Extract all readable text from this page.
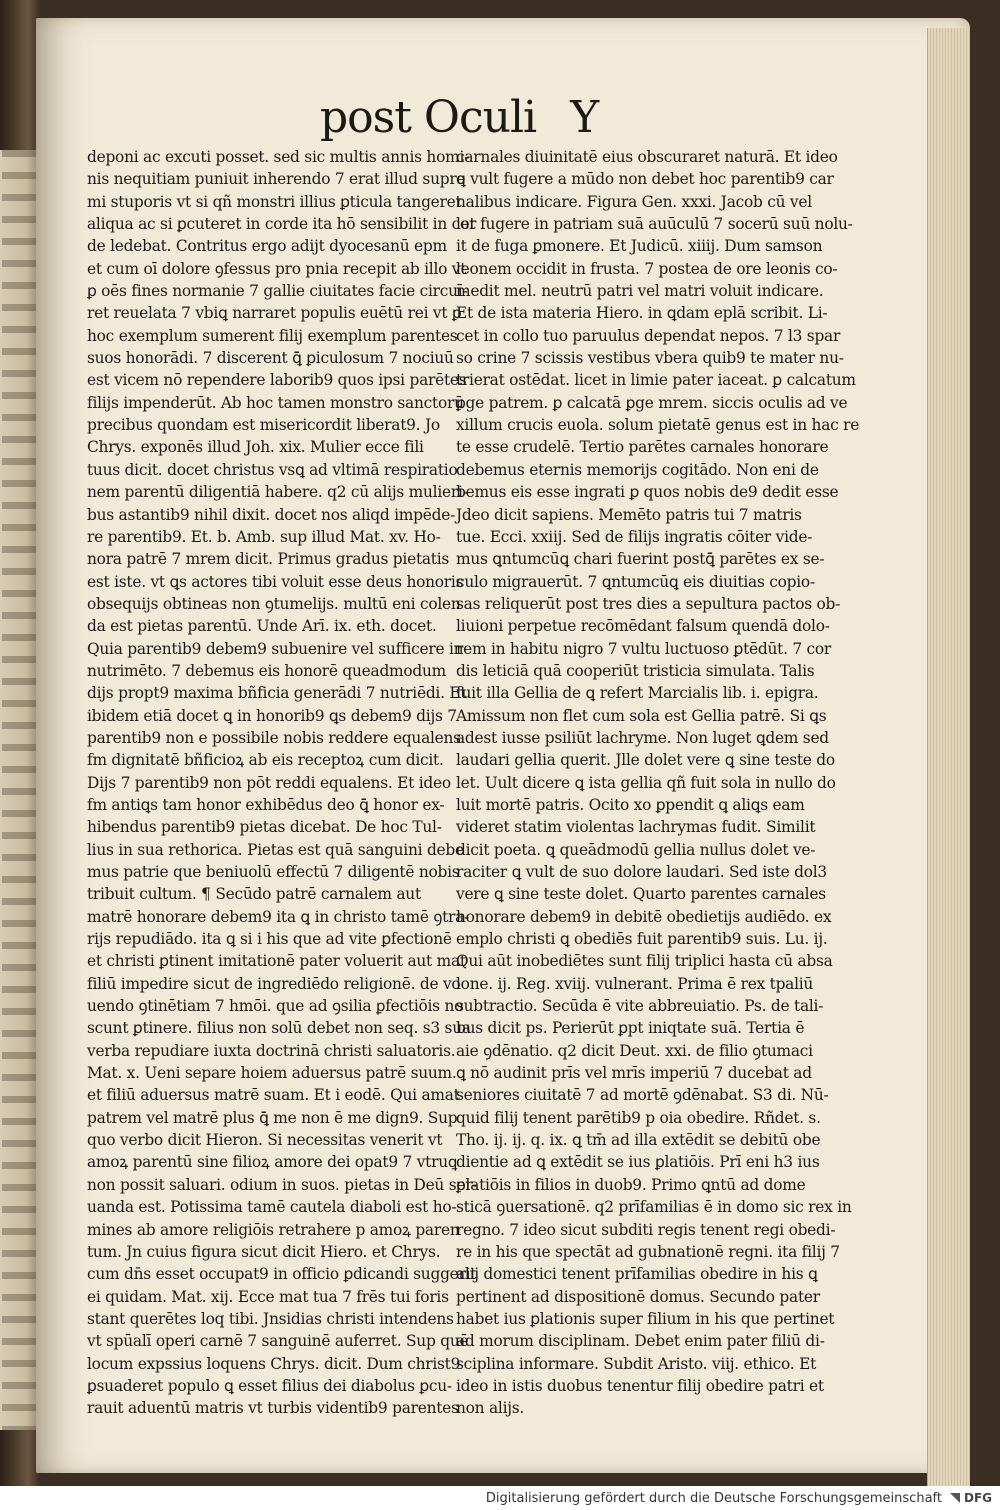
post Oculi Y
deponi ac excuti posset. sed sic multis annis homi-
nis nequitiam puniuit inherendo 7 erat illud supre
mi stuporis vt si qñ monstri illius ꝑticula tangeret
aliqua ac si ꝑcuteret in corde ita hō sensibilit in cor
de ledebat. Contritus ergo adijt dyocesanū epm
et cum oī dolore ꝯfessus pro pnia recepit ab illo vt
ꝑ oēs fines normanie 7 gallie ciuitates facie circuī-
ret reuelata 7 vbiꝗ narraret populis euētū rei vt ꝑ
hoc exemplum sumerent filij exemplum parentes
suos honorādi. 7 discerent ꝗ̄ ꝑiculosum 7 nociuū
est vicem nō rependere laborib9 quos ipsi parētes
filijs impenderūt. Ab hoc tamen monstro sanctorū
precibus quondam est misericordit liberat9. Jo
Chrys. exponēs illud Joh. xix. Mulier ecce fili
tuus dicit. docet christus vsꝗ ad vltimā respiratio
nem parentū diligentiā habere. q2 cū alijs mulieri-
bus astantib9 nihil dixit. docet nos aliqd impēde-
re parentib9. Et. b. Amb. sup illud Mat. xv. Ho-
nora patrē 7 mrem dicit. Primus gradus pietatis
est iste. vt ꝗs actores tibi voluit esse deus honoris
obsequijs obtineas non ꝯtumelijs. multū eni colen
da est pietas parentū. Unde Arī. ix. eth. docet.
Quia parentib9 debem9 subuenire vel sufficere in
nutrimēto. 7 debemus eis honorē queadmodum
dijs propt9 maxima bñficia generādi 7 nutriēdi. Et
ibidem etiā docet ꝗ in honorib9 ꝗs debem9 dijs 7
parentib9 non e possibile nobis reddere equalens
fm dignitatē bñficioꝝ ab eis receptoꝝ cum dicit.
Dijs 7 parentib9 non pōt reddi equalens. Et ideo
fm antiꝗs tam honor exhibēdus deo ꝗ̄ honor ex-
hibendus parentib9 pietas dicebat. De hoc Tul-
lius in sua rethorica. Pietas est quā sanguini debe
mus patrie que beniuolū effectū 7 diligentē nobis
tribuit cultum. ¶ Secūdo patrē carnalem aut
matrē honorare debem9 ita ꝗ in christo tamē ꝯtra-
rijs repudiādo. ita ꝗ si i his que ad vite ꝑfectionē
et christi ꝑtinent imitationē pater voluerit aut mat
filiū impedire sicut de ingrediēdo religionē. de vo
uendo ꝯtinētiam 7 hmōi. que ad ꝯsilia ꝑfectiōis no
scunt ꝑtinere. filius non solū debet non seq. s3 sua
verba repudiare iuxta doctrinā christi saluatoris.
Mat. x. Ueni separe hoiem aduersus patrē suum.
et filiū aduersus matrē suam. Et i eodē. Qui amat
patrem vel matrē plus ꝗ̄ me non ē me dign9. Sup
quo verbo dicit Hieron. Si necessitas venerit vt
amoꝝ parentū sine filioꝝ amore dei opat9 7 vtruꝗ
non possit saluari. odium in suos. pietas in Deū ser-
uanda est. Potissima tamē cautela diaboli est ho-
mines ab amore religiōis retrahere p amoꝝ paren
tum. Jn cuius figura sicut dicit Hiero. et Chrys.
cum dn̄s esset occupat9 in officio ꝑdicandi suggerit
ei quidam. Mat. xij. Ecce mat tua 7 frēs tui foris
stant querētes loq tibi. Jnsidias christi intendens
vt spūalī operi carnē 7 sanguinē auferret. Sup quē
locum expssius loquens Chrys. dicit. Dum christ9
ꝑsuaderet populo ꝗ esset filius dei diabolus ꝑcu-
rauit aduentū matris vt turbis videntib9 parentes
carnales diuinitatē eius obscuraret naturā. Et ideo
ꝗ vult fugere a mūdo non debet hoc parentib9 car
nalibus indicare. Figura Gen. xxxi. Jacob cū vel
let fugere in patriam suā auūculū 7 socerū suū nolu-
it de fuga ꝑmonere. Et Judicū. xiiij. Dum samson
leonem occidit in frusta. 7 postea de ore leonis co-
medit mel. neutrū patri vel matri voluit indicare.
Et de ista materia Hiero. in ꝗdam eplā scribit. Li-
cet in collo tuo paruulus dependat nepos. 7 l3 spar
so crine 7 scissis vestibus vbera quib9 te mater nu-
trierat ostēdat. licet in limie pater iaceat. ꝑ calcatum
ꝑge patrem. ꝑ calcatā ꝑge mrem. siccis oculis ad ve
xillum crucis euola. solum pietatē genus est in hac re
te esse crudelē. Tertio parētes carnales honorare
debemus eternis memorijs cogitādo. Non eni de
bemus eis esse ingrati ꝑ quos nobis de9 dedit esse
Jdeo dicit sapiens. Memēto patris tui 7 matris
tue. Ecci. xxiij. Sed de filijs ingratis cōiter vide-
mus ꝗntumcūꝗ chari fuerint postꝗ̄ parētes ex se-
culo migrauerūt. 7 ꝗntumcūꝗ eis diuitias copio-
sas reliquerūt post tres dies a sepultura pactos ob-
liuioni perpetue recōmēdant falsum quendā dolo-
rem in habitu nigro 7 vultu luctuoso ꝑtēdūt. 7 cor
dis leticiā quā cooperiūt tristicia simulata. Talis
fuit illa Gellia de ꝗ refert Marcialis lib. i. epigra.
Amissum non flet cum sola est Gellia patrē. Si ꝗs
adest iusse psiliūt lachryme. Non luget ꝗdem sed
laudari gellia querit. Jlle dolet vere ꝗ sine teste do
let. Uult dicere ꝗ ista gellia qñ fuit sola in nullo do
luit mortē patris. Ocito xo ꝑpendit ꝗ aliꝗs eam
videret statim violentas lachrymas fudit. Similit
dicit poeta. ꝗ queādmodū gellia nullus dolet ve-
raciter ꝗ vult de suo dolore laudari. Sed iste dol3
vere ꝗ sine teste dolet. Quarto parentes carnales
honorare debem9 in debitē obedietijs audiēdo. ex
emplo christi ꝗ obediēs fuit parentib9 suis. Lu. ij.
Qui aūt inobediētes sunt filij triplici hasta cū absa
lone. ij. Reg. xviij. vulnerant. Prima ē rex tpaliū
subtractio. Secūda ē vite abbreuiatio. Ps. de tali-
bus dicit ps. Perierūt ꝑpt iniqtate suā. Tertia ē
aie ꝯdēnatio. q2 dicit Deut. xxi. de filio ꝯtumaci
ꝗ nō audinit prīs vel mrīs imperiū 7 ducebat ad
seniores ciuitatē 7 ad mortē ꝯdēnabat. S3 di. Nū-
quid filij tenent parētib9 p oia obedire. Rñdet. s.
Tho. ij. ij. q. ix. ꝗ tm̄ ad illa extēdit se debitū obe
dientie ad ꝗ extēdit se ius ꝑlatiōis. Prī eni h3 ius
ꝑlatiōis in filios in duob9. Primo ꝗntū ad dome
sticā ꝯuersationē. q2 prīfamilias ē in domo sic rex in
regno. 7 ideo sicut subditi regis tenent regi obedi-
re in his que spectāt ad gubnationē regni. ita filij 7
alij domestici tenent prīfamilias obedire in his ꝗ
pertinent ad dispositionē domus. Secundo pater
habet ius ꝑlationis super filium in his que pertinet
ad morum disciplinam. Debet enim pater filiū di-
sciplina informare. Subdit Aristo. viij. ethico. Et
ideo in istis duobus tenentur filij obedire patri et
non alijs.
Digitalisierung gefördert durch die Deutsche Forschungsgemeinschaft DFG
